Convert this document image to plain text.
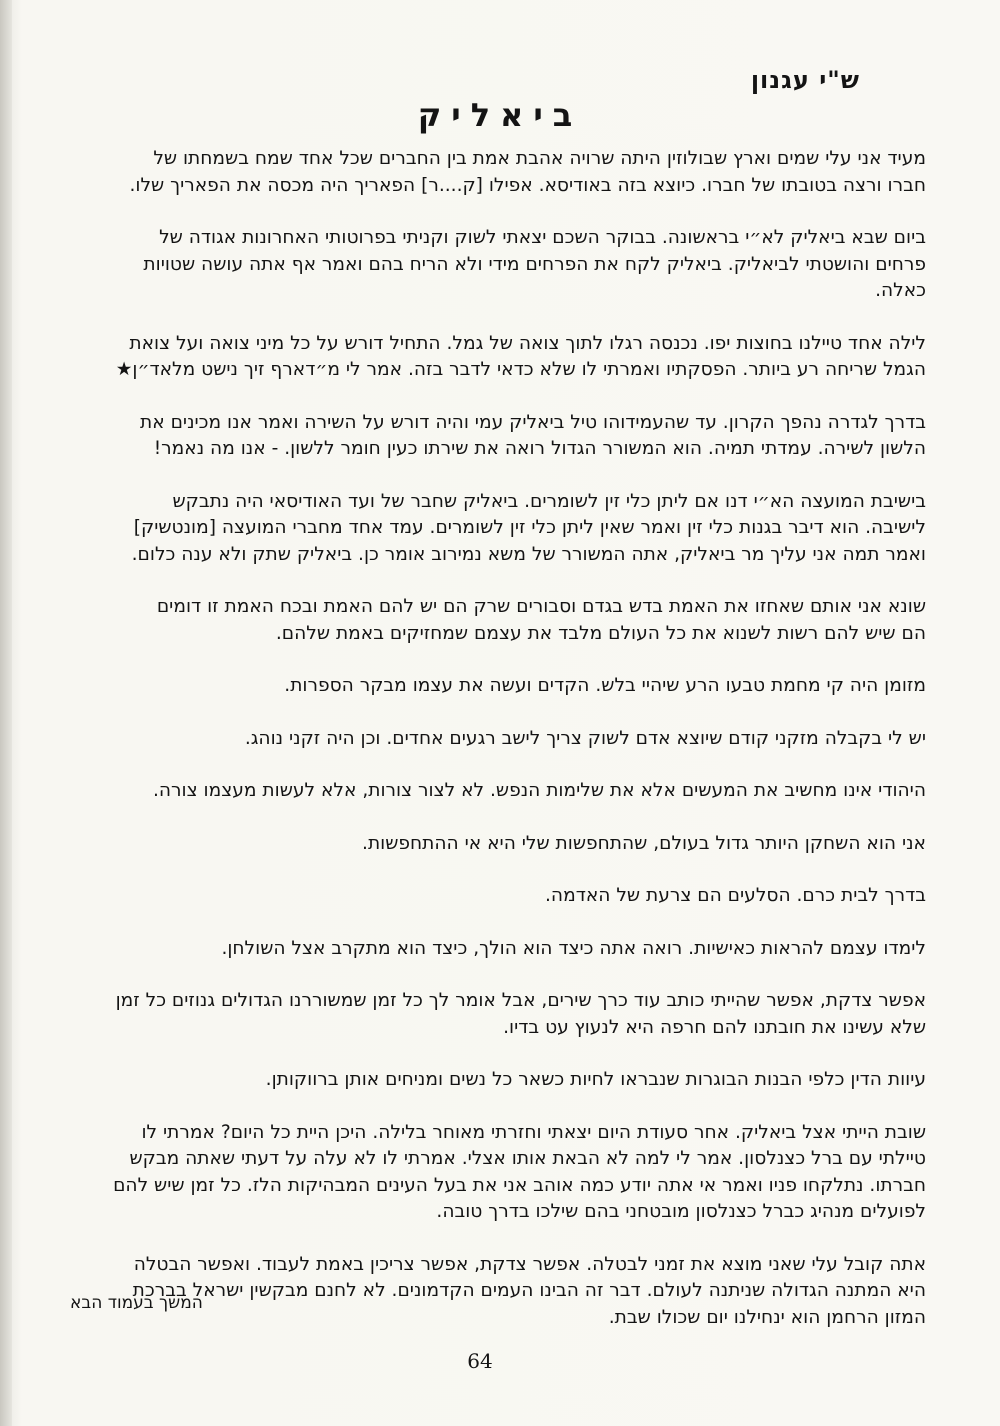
ש"י עגנון
ביאליק
מעיד אני עלי שמים וארץ שבולוזין היתה שרויה אהבת אמת בין החברים שכל אחד שמח בשמחתו של
חברו ורצה בטובתו של חברו. כיוצא בזה באודיסא. אפילו [ק....ר] הפאריך היה מכסה את הפאריך שלו.
ביום שבא ביאליק לא״י בראשונה. בבוקר השכם יצאתי לשוק וקניתי בפרוטותי האחרונות אגודה של
פרחים והושטתי לביאליק. ביאליק לקח את הפרחים מידי ולא הריח בהם ואמר אף אתה עושה שטויות
כאלה.
לילה אחד טיילנו בחוצות יפו. נכנסה רגלו לתוך צואה של גמל. התחיל דורש על כל מיני צואה ועל צואת
הגמל שריחה רע ביותר. הפסקתיו ואמרתי לו שלא כדאי לדבר בזה. אמר לי מ״דארף זיך נישט מלאד״ן★
בדרך לגדרה נהפך הקרון. עד שהעמידוהו טיל ביאליק עמי והיה דורש על השירה ואמר אנו מכינים את
הלשון לשירה. עמדתי תמיה. הוא המשורר הגדול רואה את שירתו כעין חומר ללשון. - אנו מה נאמר!
בישיבת המועצה הא״י דנו אם ליתן כלי זין לשומרים. ביאליק שחבר של ועד האודיסאי היה נתבקש
לישיבה. הוא דיבר בגנות כלי זין ואמר שאין ליתן כלי זין לשומרים. עמד אחד מחברי המועצה [מונטשיק]
ואמר תמה אני עליך מר ביאליק, אתה המשורר של משא נמירוב אומר כן. ביאליק שתק ולא ענה כלום.
שונא אני אותם שאחזו את האמת בדש בגדם וסבורים שרק הם יש להם האמת ובכח האמת זו דומים
הם שיש להם רשות לשנוא את כל העולם מלבד את עצמם שמחזיקים באמת שלהם.
מזומן היה קי מחמת טבעו הרע שיהיי בלש. הקדים ועשה את עצמו מבקר הספרות.
יש לי בקבלה מזקני קודם שיוצא אדם לשוק צריך לישב רגעים אחדים. וכן היה זקני נוהג.
היהודי אינו מחשיב את המעשים אלא את שלימות הנפש. לא לצור צורות, אלא לעשות מעצמו צורה.
אני הוא השחקן היותר גדול בעולם, שהתחפשות שלי היא אי ההתחפשות.
בדרך לבית כרם. הסלעים הם צרעת של האדמה.
לימדו עצמם להראות כאישיות. רואה אתה כיצד הוא הולך, כיצד הוא מתקרב אצל השולחן.
אפשר צדקת, אפשר שהייתי כותב עוד כרך שירים, אבל אומר לך כל זמן שמשוררנו הגדולים גנוזים כל זמן
שלא עשינו את חובתנו להם חרפה היא לנעוץ עט בדיו.
עיוות הדין כלפי הבנות הבוגרות שנבראו לחיות כשאר כל נשים ומניחים אותן ברווקותן.
שובת הייתי אצל ביאליק. אחר סעודת היום יצאתי וחזרתי מאוחר בלילה. היכן היית כל היום? אמרתי לו
טיילתי עם ברל כצנלסון. אמר לי למה לא הבאת אותו אצלי. אמרתי לו לא עלה על דעתי שאתה מבקש
חברתו. נתלקחו פניו ואמר אי אתה יודע כמה אוהב אני את בעל העינים המבהיקות הלז. כל זמן שיש להם
לפועלים מנהיג כברל כצנלסון מובטחני בהם שילכו בדרך טובה.
אתה קובל עלי שאני מוצא את זמני לבטלה. אפשר צדקת, אפשר צריכין באמת לעבוד. ואפשר הבטלה
היא המתנה הגדולה שניתנה לעולם. דבר זה הבינו העמים הקדמונים. לא לחנם מבקשין ישראל בברכת
המזון הרחמן הוא ינחילנו יום שכולו שבת.
המשך בעמוד הבא
64
